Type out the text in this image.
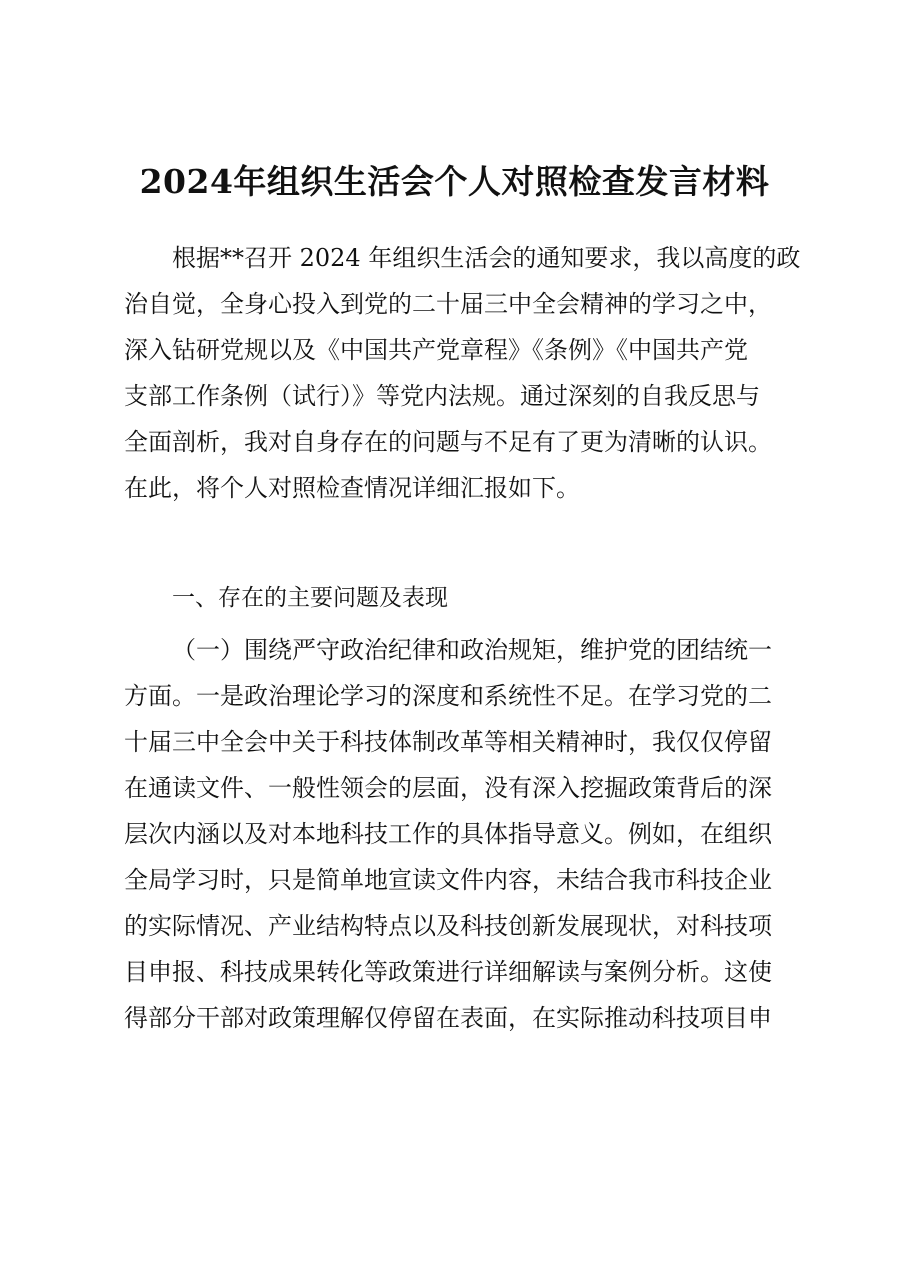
2024年组织生活会个人对照检查发言材料
根据**召开 2024 年组织生活会的通知要求，我以高度的政
治自觉，全身心投入到党的二十届三中全会精神的学习之中，
深入钻研党规以及《中国共产党章程》《条例》《中国共产党
支部工作条例（试行）》等党内法规。通过深刻的自我反思与
全面剖析，我对自身存在的问题与不足有了更为清晰的认识。
在此，将个人对照检查情况详细汇报如下。
一、存在的主要问题及表现
（一）围绕严守政治纪律和政治规矩，维护党的团结统一
方面。一是政治理论学习的深度和系统性不足。在学习党的二
十届三中全会中关于科技体制改革等相关精神时，我仅仅停留
在通读文件、一般性领会的层面，没有深入挖掘政策背后的深
层次内涵以及对本地科技工作的具体指导意义。例如，在组织
全局学习时，只是简单地宣读文件内容，未结合我市科技企业
的实际情况、产业结构特点以及科技创新发展现状，对科技项
目申报、科技成果转化等政策进行详细解读与案例分析。这使
得部分干部对政策理解仅停留在表面，在实际推动科技项目申
